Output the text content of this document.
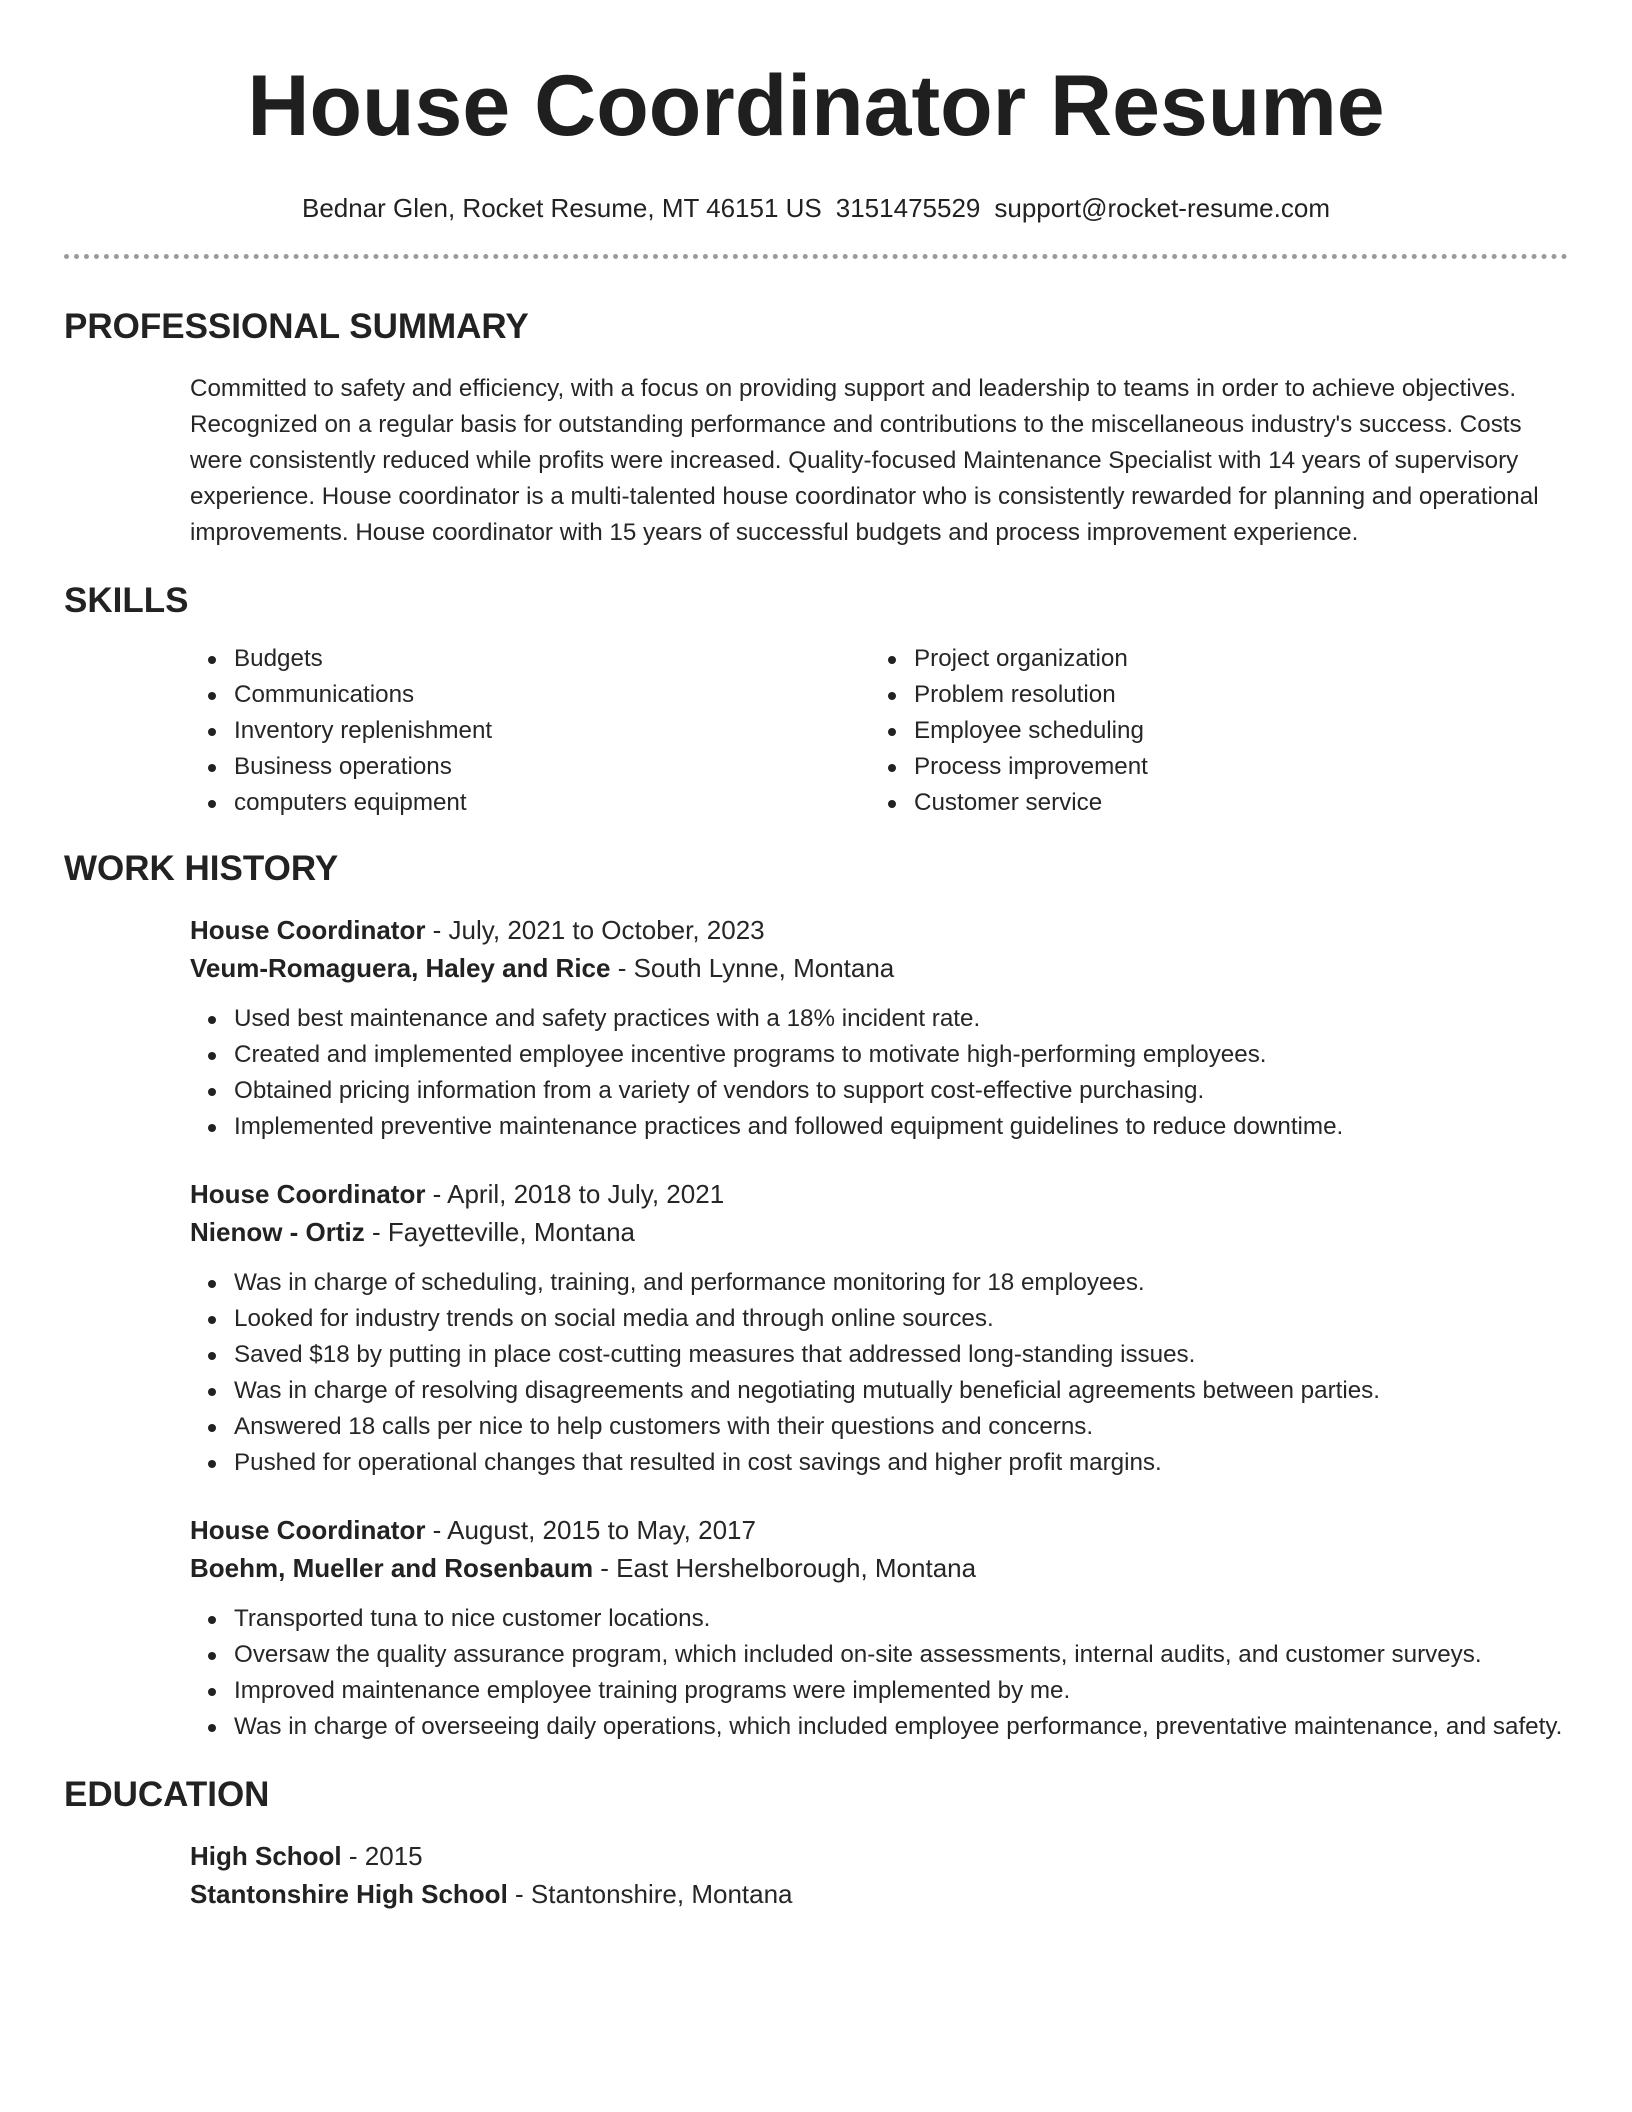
House Coordinator Resume
Bednar Glen, Rocket Resume, MT 46151 US 3151475529 support@rocket-resume.com
PROFESSIONAL SUMMARY
Committed to safety and efficiency, with a focus on providing support and leadership to teams in order to achieve objectives. Recognized on a regular basis for outstanding performance and contributions to the miscellaneous industry's success. Costs were consistently reduced while profits were increased. Quality-focused Maintenance Specialist with 14 years of supervisory experience. House coordinator is a multi-talented house coordinator who is consistently rewarded for planning and operational improvements. House coordinator with 15 years of successful budgets and process improvement experience.
SKILLS
Budgets
Communications
Inventory replenishment
Business operations
computers equipment
Project organization
Problem resolution
Employee scheduling
Process improvement
Customer service
WORK HISTORY
House Coordinator - July, 2021 to October, 2023
Veum-Romaguera, Haley and Rice - South Lynne, Montana
Used best maintenance and safety practices with a 18% incident rate.
Created and implemented employee incentive programs to motivate high-performing employees.
Obtained pricing information from a variety of vendors to support cost-effective purchasing.
Implemented preventive maintenance practices and followed equipment guidelines to reduce downtime.
House Coordinator - April, 2018 to July, 2021
Nienow - Ortiz - Fayetteville, Montana
Was in charge of scheduling, training, and performance monitoring for 18 employees.
Looked for industry trends on social media and through online sources.
Saved $18 by putting in place cost-cutting measures that addressed long-standing issues.
Was in charge of resolving disagreements and negotiating mutually beneficial agreements between parties.
Answered 18 calls per nice to help customers with their questions and concerns.
Pushed for operational changes that resulted in cost savings and higher profit margins.
House Coordinator - August, 2015 to May, 2017
Boehm, Mueller and Rosenbaum - East Hershelborough, Montana
Transported tuna to nice customer locations.
Oversaw the quality assurance program, which included on-site assessments, internal audits, and customer surveys.
Improved maintenance employee training programs were implemented by me.
Was in charge of overseeing daily operations, which included employee performance, preventative maintenance, and safety.
EDUCATION
High School - 2015
Stantonshire High School - Stantonshire, Montana
